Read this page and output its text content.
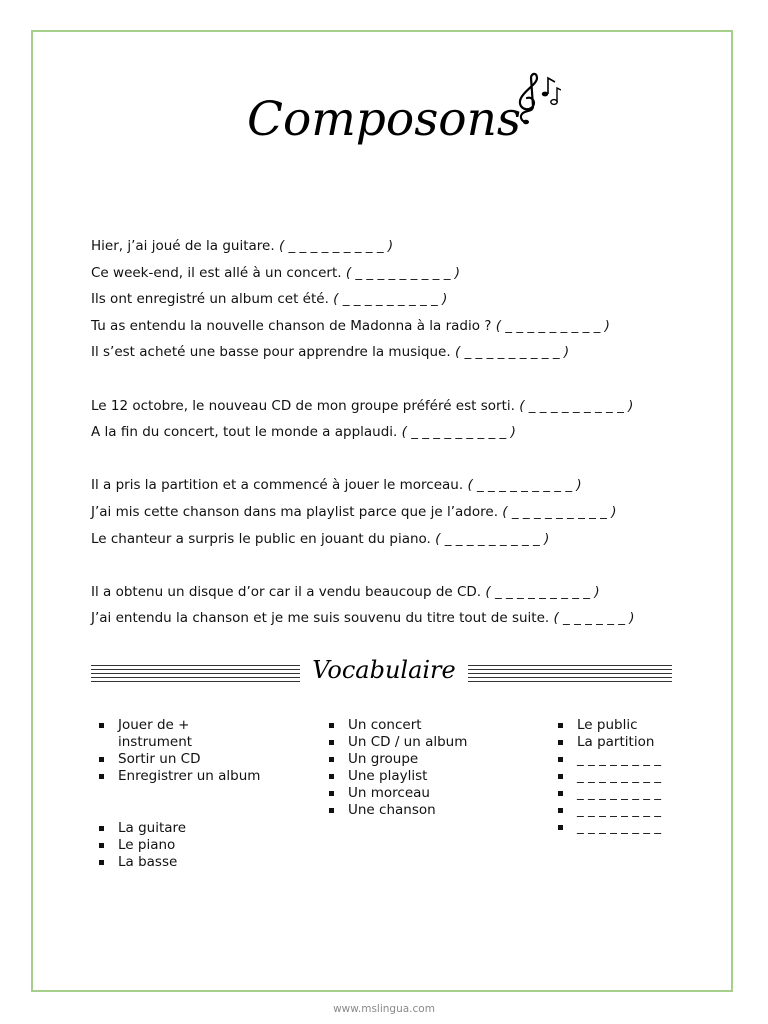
Composons
Hier, j’ai joué de la guitare. ( _ _ _ _ _ _ _ _ _ )
Ce week-end, il est allé à un concert. ( _ _ _ _ _ _ _ _ _ )
Ils ont enregistré un album cet été. ( _ _ _ _ _ _ _ _ _ )
Tu as entendu la nouvelle chanson de Madonna à la radio ? ( _ _ _ _ _ _ _ _ _ )
Il s’est acheté une basse pour apprendre la musique. ( _ _ _ _ _ _ _ _ _ )
Le 12 octobre, le nouveau CD de mon groupe préféré est sorti. ( _ _ _ _ _ _ _ _ _ )
A la fin du concert, tout le monde a applaudi. ( _ _ _ _ _ _ _ _ _ )
Il a pris la partition et a commencé à jouer le morceau. ( _ _ _ _ _ _ _ _ _ )
J’ai mis cette chanson dans ma playlist parce que je l’adore. ( _ _ _ _ _ _ _ _ _ )
Le chanteur a surpris le public en jouant du piano. ( _ _ _ _ _ _ _ _ _ )
Il a obtenu un disque d’or car il a vendu beaucoup de CD. ( _ _ _ _ _ _ _ _ _ )
J’ai entendu la chanson et je me suis souvenu du titre tout de suite. ( _ _ _ _ _ _ )
Vocabulaire
Jouer de + instrument
Sortir un CD
Enregistrer un album
La guitare
Le piano
La basse
Un concert
Un CD / un album
Un groupe
Une playlist
Un morceau
Une chanson
Le public
La partition
_ _ _ _ _ _ _ _
_ _ _ _ _ _ _ _
_ _ _ _ _ _ _ _
_ _ _ _ _ _ _ _
_ _ _ _ _ _ _ _
www.mslingua.com
